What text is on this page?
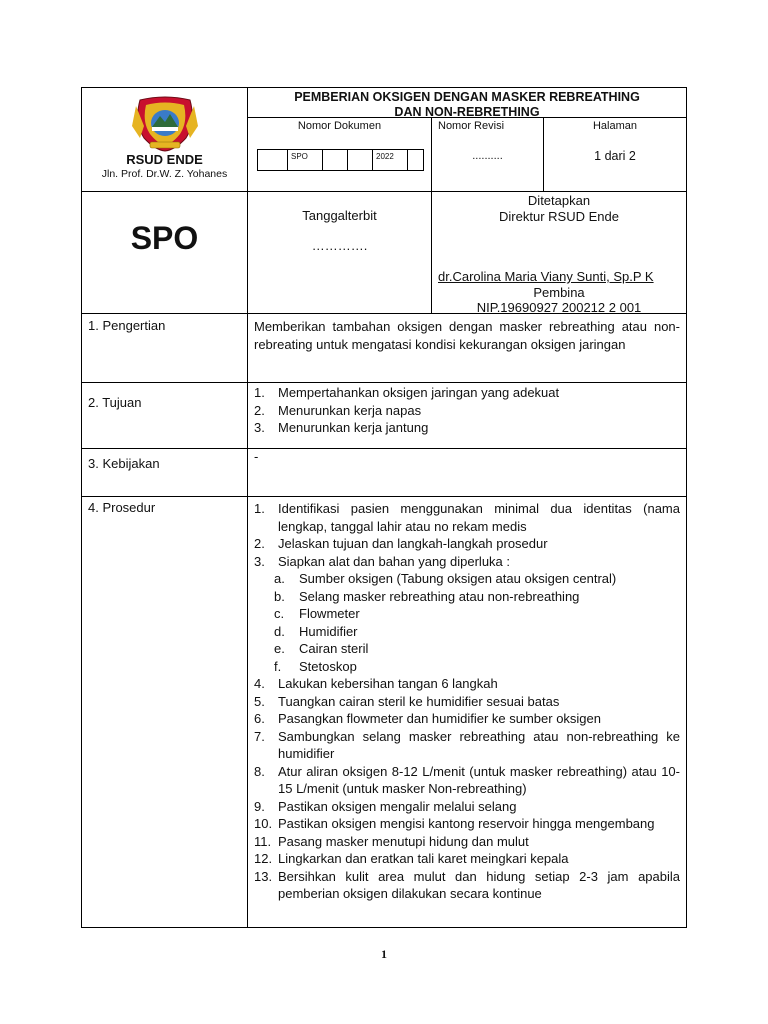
RSUD ENDE
Jln. Prof. Dr.W. Z. Yohanes
PEMBERIAN OKSIGEN DENGAN MASKER REBREATHING
DAN NON-REBRETHING
Nomor Dokumen
SPO	2022
Nomor Revisi
..........
Halaman
1 dari 2
SPO
Tanggalterbit
………….
Ditetapkan
Direktur RSUD Ende
dr.Carolina Maria Viany Sunti, Sp.P K
Pembina
NIP.19690927 200212 2 001
1. Pengertian	Memberikan tambahan oksigen dengan masker rebreathing atau non-rebreating untuk mengatasi kondisi kekurangan oksigen jaringan
2. Tujuan
1.	Mempertahankan oksigen jaringan yang adekuat
2.	Menurunkan kerja napas
3.	Menurunkan kerja jantung
3. Kebijakan	-
4. Prosedur	1.	Identifikasi pasien menggunakan minimal dua identitas (nama lengkap, tanggal lahir atau no rekam medis
2.	Jelaskan tujuan dan langkah-langkah prosedur
3.	Siapkan alat dan bahan yang diperluka :
a.	Sumber oksigen (Tabung oksigen atau oksigen central)
b.	Selang masker rebreathing atau non-rebreathing
c.	Flowmeter
d.	Humidifier
e.	Cairan steril
f.	Stetoskop
4.	Lakukan kebersihan tangan 6 langkah
5.	Tuangkan cairan steril ke humidifier sesuai batas
6.	Pasangkan flowmeter dan humidifier ke sumber oksigen
7.	Sambungkan selang masker rebreathing atau non-rebreathing ke humidifier
8.	Atur aliran oksigen 8-12 L/menit (untuk masker rebreathing) atau 10-15 L/menit (untuk masker Non-rebreathing)
9.	Pastikan oksigen mengalir melalui selang
10. Pastikan oksigen mengisi kantong reservoir hingga mengembang
11. Pasang masker menutupi hidung dan mulut
12. Lingkarkan dan eratkan tali karet meingkari kepala
13. Bersihkan kulit area mulut dan hidung setiap 2-3 jam apabila pemberian oksigen dilakukan secara kontinue
1
